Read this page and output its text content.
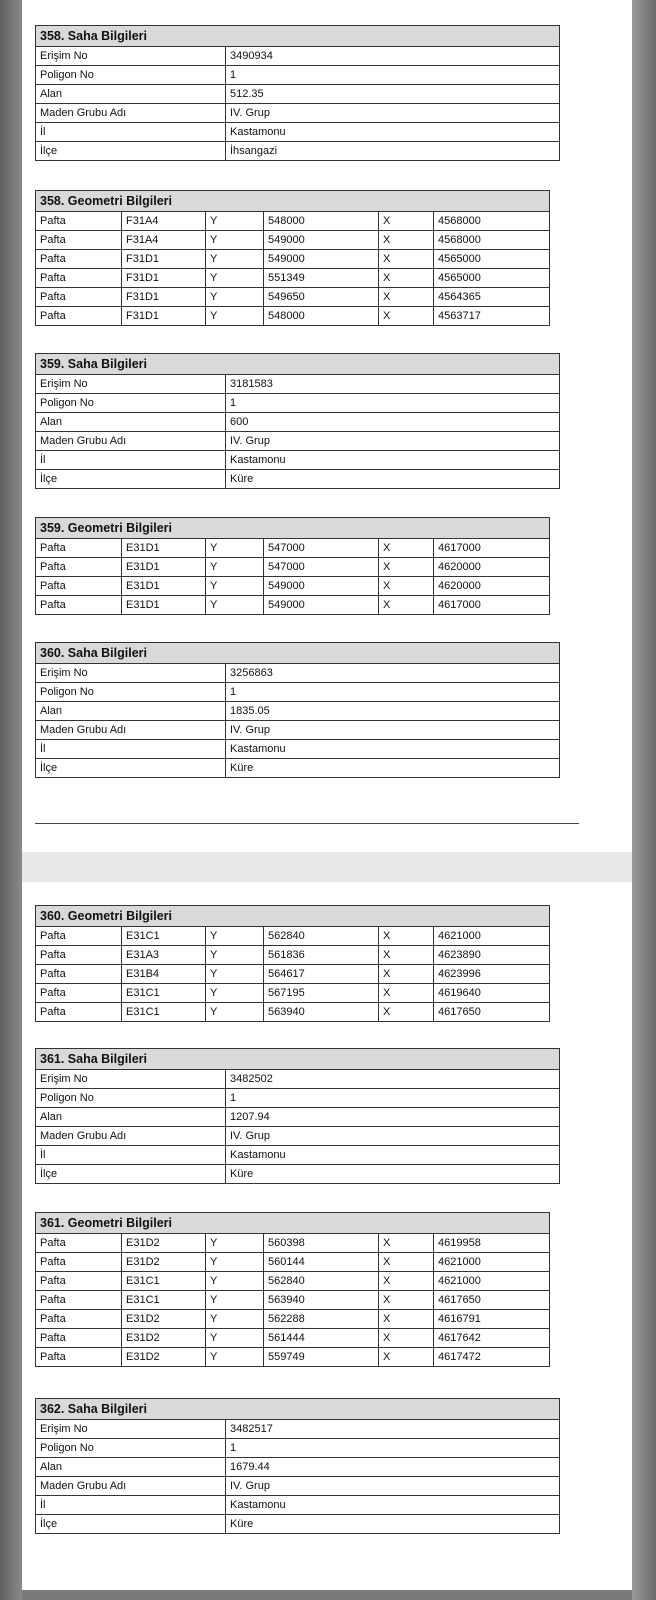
358. Saha Bilgileri	
Erişim No	3490934
Poligon No	1
Alan	512.35
Maden Grubu Adı	IV. Grup
İl	Kastamonu
İlçe	İhsangazi
358. Geometri Bilgileri					
Pafta	F31A4	Y	548000	X	4568000
Pafta	F31A4	Y	549000	X	4568000
Pafta	F31D1	Y	549000	X	4565000
Pafta	F31D1	Y	551349	X	4565000
Pafta	F31D1	Y	549650	X	4564365
Pafta	F31D1	Y	548000	X	4563717
359. Saha Bilgileri	
Erişim No	3181583
Poligon No	1
Alan	600
Maden Grubu Adı	IV. Grup
İl	Kastamonu
İlçe	Küre
359. Geometri Bilgileri					
Pafta	E31D1	Y	547000	X	4617000
Pafta	E31D1	Y	547000	X	4620000
Pafta	E31D1	Y	549000	X	4620000
Pafta	E31D1	Y	549000	X	4617000
360. Saha Bilgileri	
Erişim No	3256863
Poligon No	1
Alan	1835.05
Maden Grubu Adı	IV. Grup
İl	Kastamonu
İlçe	Küre
360. Geometri Bilgileri					
Pafta	E31C1	Y	562840	X	4621000
Pafta	E31A3	Y	561836	X	4623890
Pafta	E31B4	Y	564617	X	4623996
Pafta	E31C1	Y	567195	X	4619640
Pafta	E31C1	Y	563940	X	4617650
361. Saha Bilgileri	
Erişim No	3482502
Poligon No	1
Alan	1207.94
Maden Grubu Adı	IV. Grup
İl	Kastamonu
İlçe	Küre
361. Geometri Bilgileri					
Pafta	E31D2	Y	560398	X	4619958
Pafta	E31D2	Y	560144	X	4621000
Pafta	E31C1	Y	562840	X	4621000
Pafta	E31C1	Y	563940	X	4617650
Pafta	E31D2	Y	562288	X	4616791
Pafta	E31D2	Y	561444	X	4617642
Pafta	E31D2	Y	559749	X	4617472
362. Saha Bilgileri	
Erişim No	3482517
Poligon No	1
Alan	1679.44
Maden Grubu Adı	IV. Grup
İl	Kastamonu
İlçe	Küre
